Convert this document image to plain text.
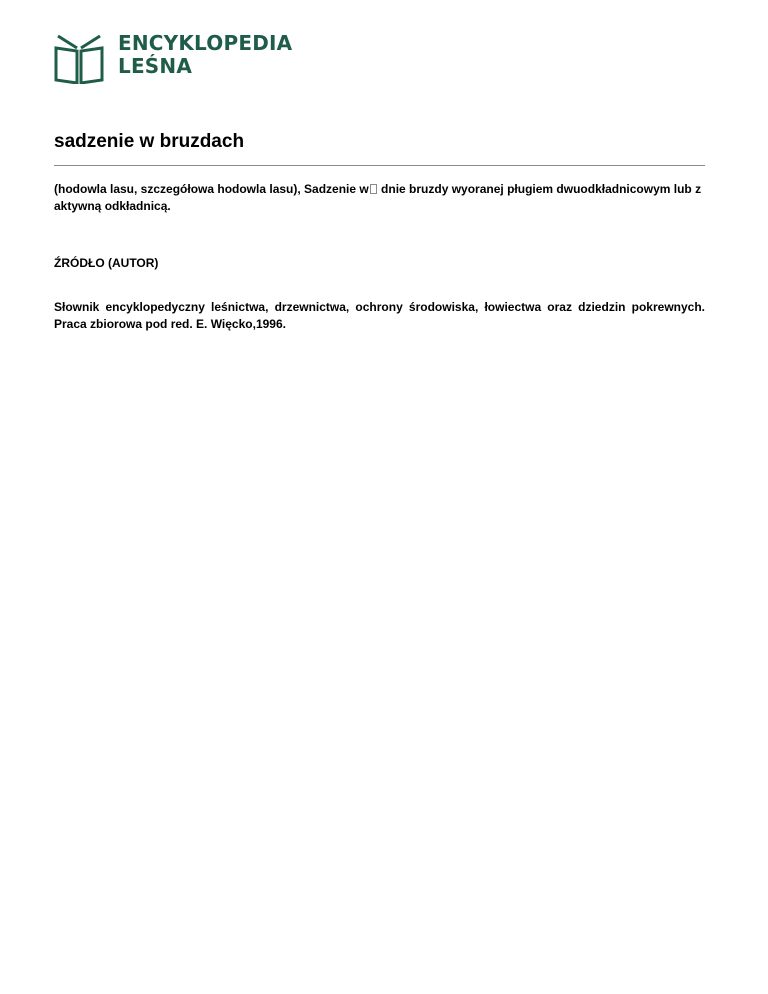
ENCYKLOPEDIA
LEŚNA
sadzenie w bruzdach

(hodowla lasu, szczegółowa hodowla lasu), Sadzenie w dnie bruzdy wyoranej pługiem dwuodkładnicowym lub z aktywną odkładnicą.

ŹRÓDŁO (AUTOR)

Słownik encyklopedyczny leśnictwa, drzewnictwa, ochrony środowiska, łowiectwa oraz dziedzin pokrewnych. Praca zbiorowa pod red. E. Więcko,1996.
